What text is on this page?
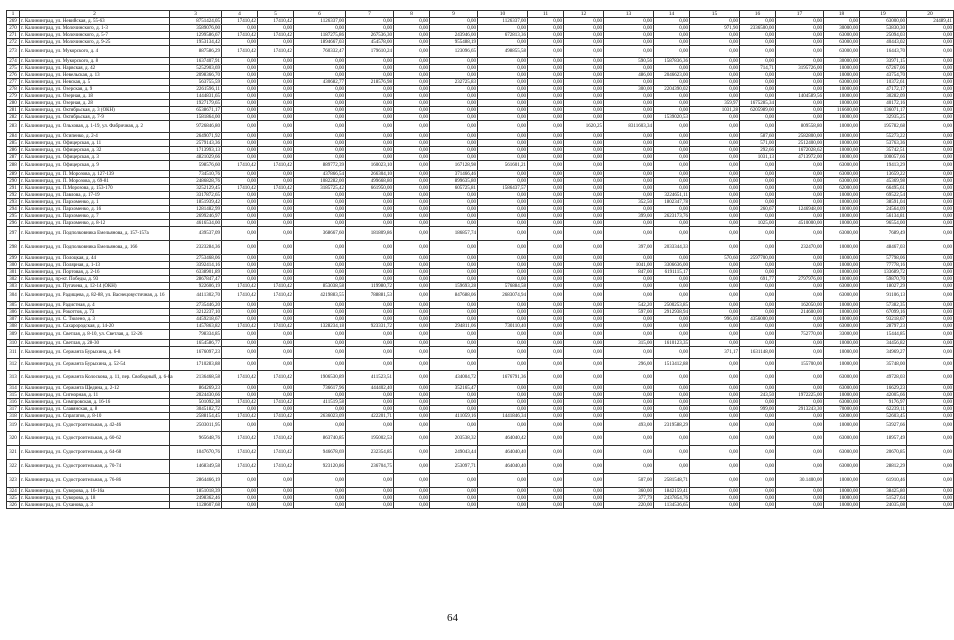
1	2	3	4	5	6	7	8	9	10	11	12	13	14	15	16	17	18	19	20
269	г. Калининград, ул. Невийская, д. 55-63	8751424,05	17410,42	17410,42	1126337,00	0,00	0,00	0,00	1126337,00	0,00	0,00	0,00	0,00	0,00	0,00	0,00	0,00	63000,00	24489,41
270	г. Калининград, ул. Молочинского, д. 1-3	3589076,00	0,00	0,00	0,00	0,00	0,00	0,00	0,00	0,00	0,00	0,00	0,00	971,90	2336500,00	0,00	30000,00	53830,30	0,00
271	г. Калининград, ул. Молочинского, д. 5-7	1299586,67	17410,42	17410,42	1187275,86	267536,30	0,00	243946,00	672813,36	0,00	0,00	0,00	0,00	0,00	0,00	0,00	63000,00	25094,03	0,00
272	г. Калининград, ул. Молочинского, д. 9-25	1953134,42	0,00	0,00	1894667,03	454578,00	0,00	955488,19	0,00	0,00	0,00	0,00	0,00	0,00	0,00	0,00	63000,00	40443,02	0,00
273	г. Калининград, ул. Мукорского, д. 4	887586,29	17410,42	17410,42	760332,47	179610,24	0,00	123096,65	498855,58	0,00	0,00	0,00	0,00	0,00	0,00	0,00	63000,00	16443,70	0,00
274	г. Калининград, ул. Мукорского, д. 8	1637407,91	0,00	0,00	0,00	0,00	0,00	0,00	0,00	0,00	0,00	590,56	1587836,36	0,00	0,00	0,00	30000,00	33971,15	0,00
275	г. Калининград, ул. Нарвская, д. 42	5252903,69	0,00	0,00	0,00	0,00	0,00	0,00	0,00	0,00	0,00	0,00	0,00	0,00	714,71	3195726,00	10000,00	67267,06	0,00
276	г. Калининград, ул. Невельская, д. 13	2098366,70	0,00	0,00	0,00	0,00	0,00	0,00	0,00	0,00	0,00	486,00	2046623,00	0,00	0,00	0,00	10000,00	43754,70	0,00
277	г. Калининград, ул. Невская, д. 5	563755,59	0,00	0,00	430682,77	218576,98	0,00	232725,83	0,00	0,00	0,00	0,00	0,00	0,00	0,00	0,00	63000,00	10372,61	0,00
278	г. Калининград, ул. Озерская, д. 9	2261596,11	0,00	0,00	0,00	0,00	0,00	0,00	0,00	0,00	0,00	300,00	2204390,02	0,00	0,00	0,00	10000,00	47172,17	0,00
279	г. Калининград, ул. Озерная, д. 18	1444831,65	0,00	0,00	0,00	0,00	0,00	0,00	0,00	0,00	0,00	0,00	0,00	0,00	0,00	1404589,56	10000,00	30282,09	0,00
280	г. Калининград, ул. Озерная, д. 28	1927179,65	0,00	0,00	0,00	0,00	0,00	0,00	0,00	0,00	0,00	0,00	0,00	359,97	1675285,34	0,00	10000,00	40172,16	0,00
281	г. Калининград, ул. Октябрьская, д. 3 (ОКН)	6538671,17	0,00	0,00	0,00	0,00	0,00	0,00	0,00	0,00	0,00	0,00	0,00	1031,28	6205989,00	0,00	116600,00	136071,17	0,00
282	г. Калининград, ул. Октябрьская, д. 7-9	1581864,00	0,00	0,00	0,00	0,00	0,00	0,00	0,00	0,00	0,00	0,00	1539020,53	0,00	0,00	0,00	10000,00	32935,25	0,00
283	г. Калининград, ул. Ольховая, д. 1-19, ул. Фабричная, д. 2	9726846,80	0,00	0,00	0,00	0,00	0,00	0,00	0,00	0,00	1620,25	8311603,34	0,00	0,00	0,00	809558,80	10000,00	195782,68	0,00
284	г. Калининград, ул. Осипенко, д. 2-4	2649071,92	0,00	0,00	0,00	0,00	0,00	0,00	0,00	0,00	0,00	0,00	0,00	0,00	587,60	2582800,00	10000,00	55273,22	0,00
285	г. Калининград, ул. Офицерская, д. 11	2579143,36	0,00	0,00	0,00	0,00	0,00	0,00	0,00	0,00	0,00	0,00	0,00	0,00	571,00	2512400,00	10000,00	53763,36	0,00
286	г. Калининград, ул. Офицерская, д. 32	1713993,13	0,00	0,00	0,00	0,00	0,00	0,00	0,00	0,00	0,00	0,00	0,00	0,00	292,66	1672028,62	10000,00	35742,51	0,00
287	г. Калининград, ул. Офицерская, д. 3	4821029,66	0,00	0,00	0,00	0,00	0,00	0,00	0,00	0,00	0,00	0,00	0,00	0,00	1031,13	4713972,00	10000,00	100057,66	0,00
288	г. Калининград, ул. Офицерская, д. 9	598576,60	17410,42	17410,42	889772,39	160023,10	0,00	167128,98	561601,21	0,00	0,00	0,00	0,00	0,00	0,00	0,00	63000,00	19413,29	0,00
289	г. Калининград, ул. П. Морозова, д. 127-139	734510,76	0,00	0,00	437866,54	266304,10	0,00	371466,46	0,00	0,00	0,00	0,00	0,00	0,00	0,00	0,00	63000,00	13659,22	0,00
290	г. Калининград, ул. П. Морозова, д. 69-81	2486828,76	0,00	0,00	1082282,00	499668,80	0,00	899635,80	0,00	0,00	0,00	0,00	0,00	0,00	0,00	0,00	63000,00	45369,98	0,00
291	г. Калининград, ул. П.Морозова, д. 153-170	3252129,45	17410,42	17410,42	3185725,42	661950,00	0,00	605725,81	1586437,57	0,00	0,00	0,00	0,00	0,00	0,00	0,00	62000,00	66495,61	0,00
292	г. Калининград, ул. Павлова, д. 17-19	3317872,65	0,00	0,00	0,00	0,00	0,00	0,00	0,00	0,00	0,00	0,00	3224651,11	0,00	0,00	0,00	10000,00	69522,54	0,00
293	г. Калининград, ул. Пархоменко, д. 1	1851939,42	0,00	0,00	0,00	0,00	0,00	0,00	0,00	0,00	0,00	352,50	1802347,78	0,00	0,00	0,00	10000,00	38591,04	0,00
294	г. Калининград, ул. Пархоменко, д. 16	1281482,99	0,00	0,00	0,00	0,00	0,00	0,00	0,00	0,00	0,00	0,00	0,00	0,00	260,67	1246948,00	10000,00	24564,09	0,00
295	г. Калининград, ул. Пархоменко, д. 7	2699246,97	0,00	0,00	0,00	0,00	0,00	0,00	0,00	0,00	0,00	399,00	2623173,76	0,00	0,00	0,00	10000,00	56134,81	0,00
296	г. Калининград, ул. Пархоменко, д. 8-12	4616534,00	0,00	0,00	0,00	0,00	0,00	0,00	0,00	0,00	0,00	0,00	0,00	0,00	1025,00	4510000,00	10000,00	96554,00	0,00
297	г. Калининград, ул. Подполковника Емельянова, д. 157-157а	439537,09	0,00	0,00	368667,60	181809,86	0,00	186857,74	0,00	0,00	0,00	0,00	0,00	0,00	0,00	0,00	63000,00	7689,49	0,00
298	г. Калининград, ул. Подполковника Емельянова, д. 166	2323284,36	0,00	0,00	0,00	0,00	0,00	0,00	0,00	0,00	0,00	397,00	2033344,33	0,00	0,00	232470,00	10000,00	48467,03	0,00
299	г. Калининград, ул. Полоцкая, д. 44	2753468,06	0,00	0,00	0,00	0,00	0,00	0,00	0,00	0,00	0,00	0,00	0,00	570,60	2597700,00	0,00	10000,00	57798,06	0,00
300	г. Калининград, ул. Полярная, д. 1-13	3392414,16	0,00	0,00	0,00	0,00	0,00	0,00	0,00	0,00	0,00	1041,00	3306636,00	0,00	0,00	0,00	10000,00	77778,16	0,00
301	г. Калининград, ул. Портовая, д. 2-16	6338901,89	0,00	0,00	0,00	0,00	0,00	0,00	0,00	0,00	0,00	847,00	6191115,17	0,00	0,00	0,00	10000,00	133689,72	0,00
302	г. Калининград, пр-кт. Победы, д. 93	2867847,47	0,00	0,00	0,00	0,00	0,00	0,00	0,00	0,00	0,00	0,00	0,00	0,00	691,77	2797976,00	10000,00	59870,70	0,00
303	г. Калининград, ул. Пугачева, д. 12-14 (ОКН)	922606,19	17410,42	17410,42	853038,58	119980,72	0,00	159693,28	576884,58	0,00	0,00	0,00	0,00	0,00	0,00	0,00	63000,00	18027,29	0,00
304	г. Калининград, ул. Радищева, д. 82-88, ул. Васнецовустичная, д. 16	4411302,70	17410,42	17410,42	4219883,55	788881,53	0,00	847688,06	2683074,94	0,00	0,00	0,00	0,00	0,00	0,00	0,00	63000,00	91106,13	0,00
305	г. Калининград, ул. Радистная, д. 4	2735446,20	0,00	0,00	0,00	0,00	0,00	0,00	0,00	0,00	0,00	542,20	2500253,85	0,00	0,00	162050,00	10000,00	57382,35	0,00
306	г. Калининград, ул. Рокоттов, д. 73	3212237,10	0,00	0,00	0,00	0,00	0,00	0,00	0,00	0,00	0,00	597,00	2912938,94	0,00	0,00	214600,00	10000,00	67099,16	0,00
307	г. Калининград, ул. С. Тюлено, д. 3	4459218,67	0,00	0,00	0,00	0,00	0,00	0,00	0,00	0,00	0,00	0,00	0,00	996,00	4356000,00	0,00	10000,00	93218,67	0,00
308	г. Калининград, ул. Сахарородская, д. 14-20	1457863,82	17410,42	17410,42	1328234,18	923331,72	0,00	294811,06	730110,40	0,00	0,00	0,00	0,00	0,00	0,00	0,00	63000,00	28797,23	0,00
309	г. Калининград, ул. Светлая, д. 8-10, ул. Светлая, д. 12-26	798334,85	0,00	0,00	0,00	0,00	0,00	0,00	0,00	0,00	0,00	0,00	0,00	0,00	0,00	752770,00	33000,00	15444,85	0,00
310	г. Калининград, ул. Светлая, д. 28-30	1654586,77	0,00	0,00	0,00	0,00	0,00	0,00	0,00	0,00	0,00	315,00	1610123,35	0,00	0,00	0,00	10000,00	34456,82	0,00
311	г. Калининград, ул. Сержанта Бурыхина, д. 6-8	1676097,23	0,00	0,00	0,00	0,00	0,00	0,00	0,00	0,00	0,00	0,00	0,00	371,17	1631148,00	0,00	10000,00	34969,27	0,00
312	г. Калининград, ул. Сержанта Бурыхина, д. 52-54	1710283,88	0,00	0,00	0,00	0,00	0,00	0,00	0,00	0,00	0,00	296,00	1513412,88	0,00	0,00	155700,00	10000,00	35748,00	0,00
313	г. Калининград, ул. Сержанта Колоскова, д. 11, пер. Свободный, д. 6-8а	2136468,58	17410,42	17410,42	1906530,89	411523,51	0,00	434004,72	1676791,36	0,00	0,00	0,00	0,00	0,00	0,00	0,00	63000,00	49728,03	0,00
314	г. Калининград, ул. Сержанта Щедина, д. 2-12	864269,23	0,00	0,00	736617,96	444402,40	0,00	352165,47	0,00	0,00	0,00	0,00	0,00	0,00	0,00	0,00	63000,00	16629,23	0,00
315	г. Калининград, ул. Сигнорная, д. 11	2024430,66	0,00	0,00	0,00	0,00	0,00	0,00	0,00	0,00	0,00	0,00	0,00	0,00	243,50	1972225,00	10000,00	42005,66	0,00
316	г. Калининград, ул. Симпровская, д. 16-16	501092,38	17410,42	17410,42	411519,58	0,00	0,00	0,00	0,00	0,00	0,00	0,00	0,00	0,00	0,00	0,00	63000,00	9176,97	0,00
317	г. Калининград, ул. Славянская, д. 8	3045182,72	0,00	0,00	0,00	0,00	0,00	0,00	0,00	0,00	0,00	0,00	0,00	0,00	999,00	2913243,30	70000,00	62239,11	0,00
318	г. Калининград, ул. Спрагатов, д. 8-10	2588154,45	17410,42	17410,42	2636023,09	422201,71	0,00	411059,16	1441846,34	0,00	0,00	0,00	0,00	0,00	0,00	0,00	63000,00	52603,45	0,00
319	г. Калининград, ул. Судостроительная, д. 42-46	2503011,95	0,00	0,00	0,00	0,00	0,00	0,00	0,00	0,00	0,00	493,00	2319588,29	0,00	0,00	0,00	10000,00	53927,66	0,00
320	г. Калининград, ул. Судостроительная, д. 60-62	965648,76	17410,42	17410,42	863740,85	195002,53	0,00	203538,32	464040,42	0,00	0,00	0,00	0,00	0,00	0,00	0,00	63000,00	18957,49	0,00
321	г. Калининград, ул. Судостроительная, д. 64-68	1047670,76	17410,42	17410,42	946678,69	232354,85	0,00	249043,44	464040,40	0,00	0,00	0,00	0,00	0,00	0,00	0,00	63000,00	20670,85	0,00
322	г. Калининград, ул. Судостроительная, д. 70-74	1468349,58	17410,42	17410,42	923120,86	236704,75	0,00	253097,71	464040,40	0,00	0,00	0,00	0,00	0,00	0,00	0,00	63000,00	28812,29	0,00
323	г. Калининград, ул. Судостроительная, д. 76-86	2864466,19	0,00	0,00	0,00	0,00	0,00	0,00	0,00	0,00	0,00	507,00	2581548,71	0,00	0,00	30.1400,00	10000,00	61910,46	0,00
324	г. Калининград, ул. Суворова, д. 16-16а	1851018,39	0,00	0,00	0,00	0,00	0,00	0,00	0,00	0,00	0,00	360,00	1842159,41	0,00	0,00	0,00	10000,00	38425,80	0,00
325	г. Калининград, ул. Суворова, д. 18	2498362,46	0,00	0,00	0,00	0,00	0,00	0,00	0,00	0,00	0,00	377,79	2437854,76	0,00	0,00	0,00	10000,00	51527,64	0,00
326	г. Калининград, ул. Суханова, д. 3	1128607,68	0,00	0,00	0,00	0,00	0,00	0,00	0,00	0,00	0,00	220,00	1134536,65	0,00	0,00	0,00	10000,00	24035,08	0,00
64
